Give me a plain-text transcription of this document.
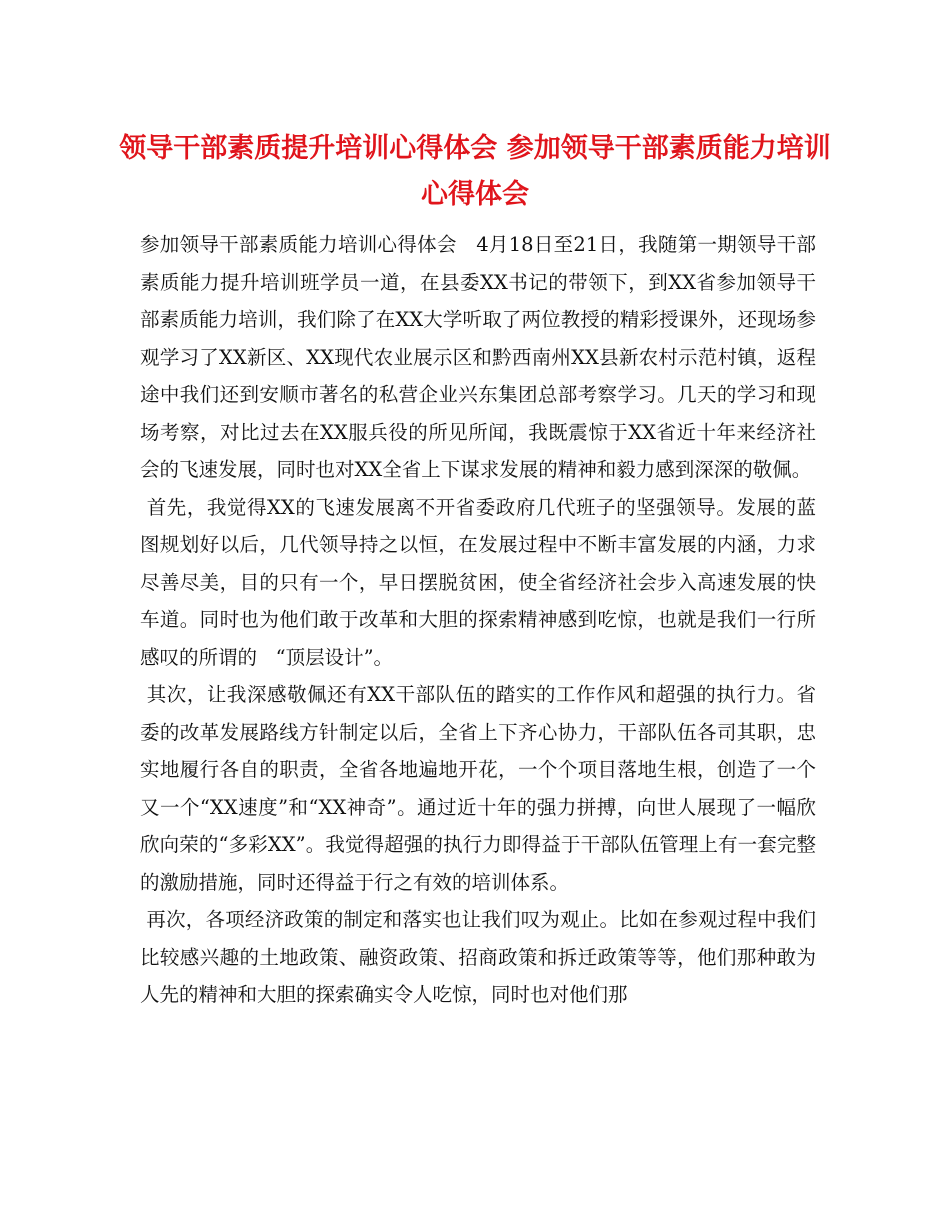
领导干部素质提升培训心得体会 参加领导干部素质能力培训心得体会

参加领导干部素质能力培训心得体会   4月18日至21日，我随第一期领导干部素质能力提升培训班学员一道，在县委XX书记的带领下，到XX省参加领导干部素质能力培训，我们除了在XX大学听取了两位教授的精彩授课外，还现场参观学习了XX新区、XX现代农业展示区和黔西南州XX县新农村示范村镇，返程途中我们还到安顺市著名的私营企业兴东集团总部考察学习。几天的学习和现场考察，对比过去在XX服兵役的所见所闻，我既震惊于XX省近十年来经济社会的飞速发展，同时也对XX全省上下谋求发展的精神和毅力感到深深的敬佩。

首先，我觉得XX的飞速发展离不开省委政府几代班子的坚强领导。发展的蓝图规划好以后，几代领导持之以恒，在发展过程中不断丰富发展的内涵，力求尽善尽美，目的只有一个，早日摆脱贫困，使全省经济社会步入高速发展的快车道。同时也为他们敢于改革和大胆的探索精神感到吃惊，也就是我们一行所感叹的所谓的   “顶层设计”。

其次，让我深感敬佩还有XX干部队伍的踏实的工作作风和超强的执行力。省委的改革发展路线方针制定以后，全省上下齐心协力，干部队伍各司其职，忠实地履行各自的职责，全省各地遍地开花，一个个项目落地生根，创造了一个又一个“XX速度”和“XX神奇”。通过近十年的强力拼搏，向世人展现了一幅欣欣向荣的“多彩XX”。我觉得超强的执行力即得益于干部队伍管理上有一套完整的激励措施，同时还得益于行之有效的培训体系。

再次，各项经济政策的制定和落实也让我们叹为观止。比如在参观过程中我们比较感兴趣的土地政策、融资政策、招商政策和拆迁政策等等，他们那种敢为人先的精神和大胆的探索确实令人吃惊，同时也对他们那
